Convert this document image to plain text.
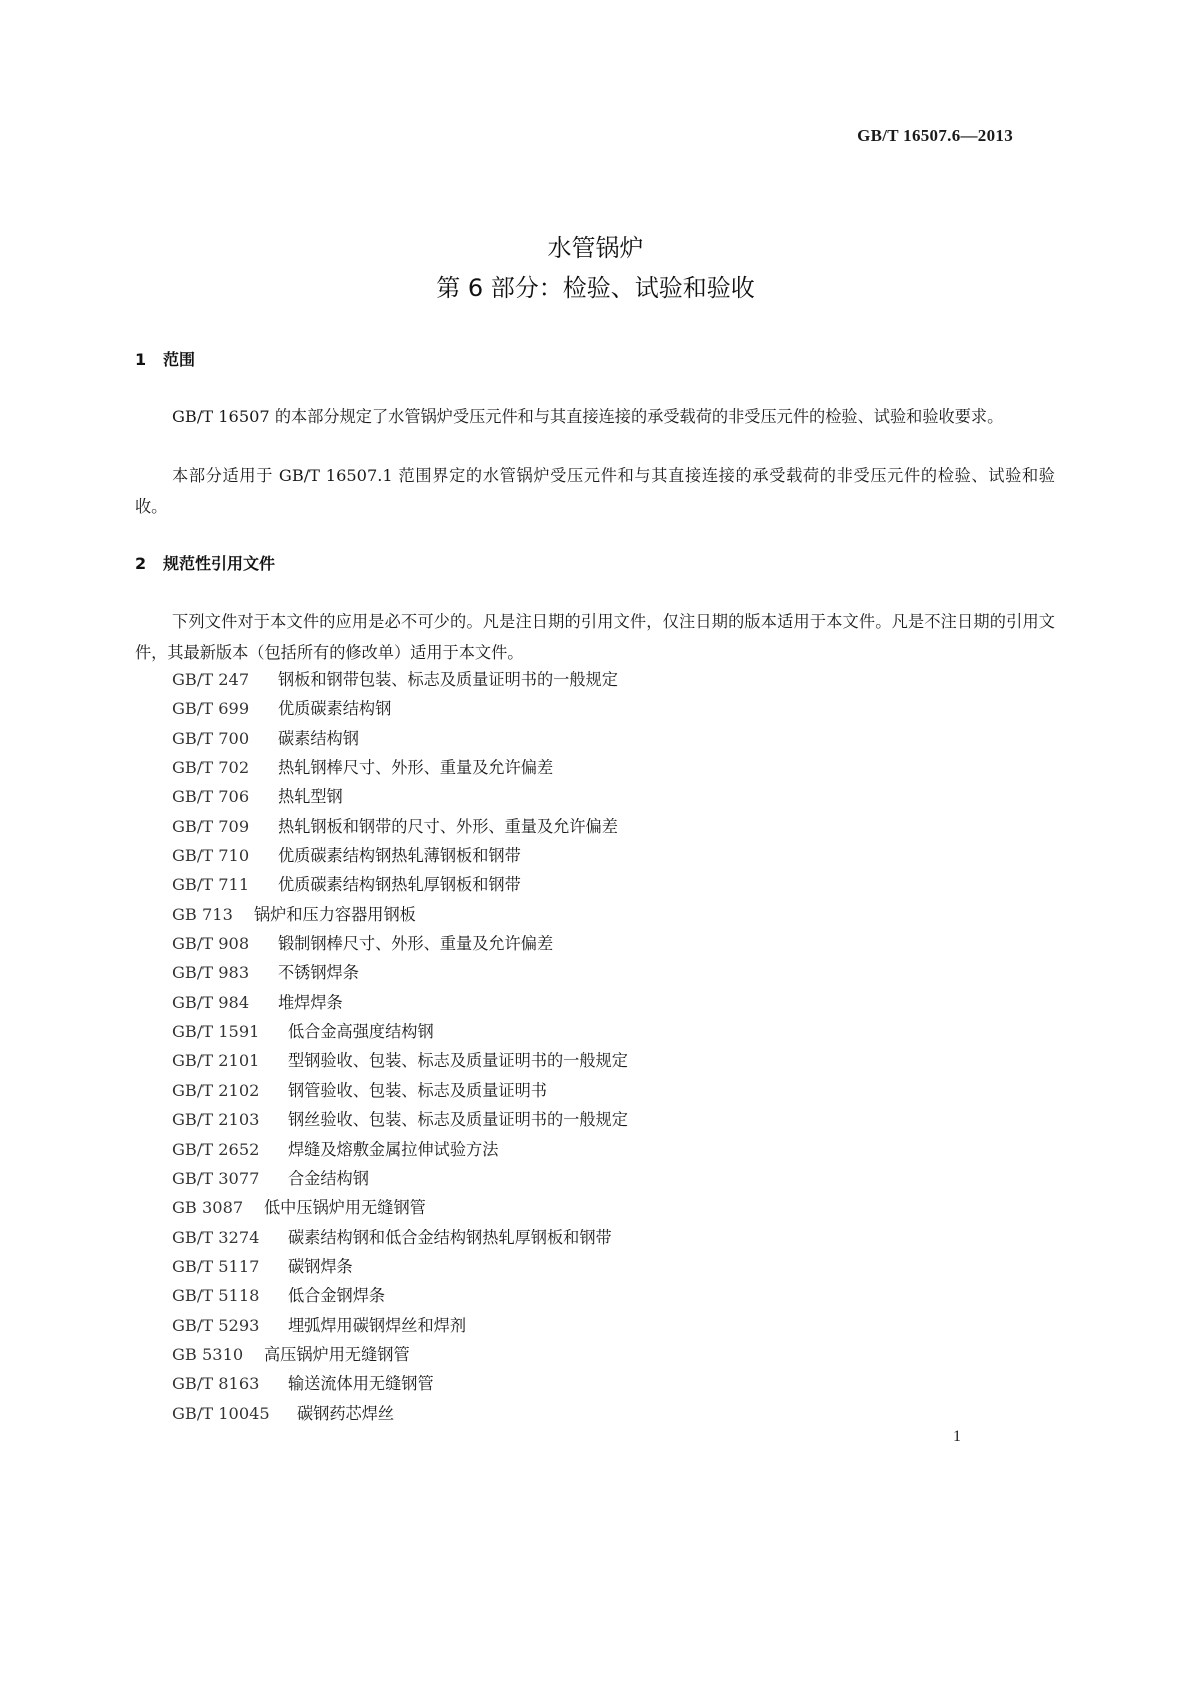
GB/T 16507.6—2013
水管锅炉
第 6 部分：检验、试验和验收
1 范围

GB/T 16507 的本部分规定了水管锅炉受压元件和与其直接连接的承受载荷的非受压元件的检验、试验和验收要求。

本部分适用于 GB/T 16507.1 范围界定的水管锅炉受压元件和与其直接连接的承受载荷的非受压元件的检验、试验和验收。

2 规范性引用文件

下列文件对于本文件的应用是必不可少的。凡是注日期的引用文件，仅注日期的版本适用于本文件。凡是不注日期的引用文件，其最新版本（包括所有的修改单）适用于本文件。

GB/T 247 钢板和钢带包装、标志及质量证明书的一般规定
GB/T 699 优质碳素结构钢
GB/T 700 碳素结构钢
GB/T 702 热轧钢棒尺寸、外形、重量及允许偏差
GB/T 706 热轧型钢
GB/T 709 热轧钢板和钢带的尺寸、外形、重量及允许偏差
GB/T 710 优质碳素结构钢热轧薄钢板和钢带
GB/T 711 优质碳素结构钢热轧厚钢板和钢带
GB 713 锅炉和压力容器用钢板
GB/T 908 锻制钢棒尺寸、外形、重量及允许偏差
GB/T 983 不锈钢焊条
GB/T 984 堆焊焊条
GB/T 1591 低合金高强度结构钢
GB/T 2101 型钢验收、包装、标志及质量证明书的一般规定
GB/T 2102 钢管验收、包装、标志及质量证明书
GB/T 2103 钢丝验收、包装、标志及质量证明书的一般规定
GB/T 2652 焊缝及熔敷金属拉伸试验方法
GB/T 3077 合金结构钢
GB 3087 低中压锅炉用无缝钢管
GB/T 3274 碳素结构钢和低合金结构钢热轧厚钢板和钢带
GB/T 5117 碳钢焊条
GB/T 5118 低合金钢焊条
GB/T 5293 埋弧焊用碳钢焊丝和焊剂
GB 5310 高压锅炉用无缝钢管
GB/T 8163 输送流体用无缝钢管
GB/T 10045 碳钢药芯焊丝
1
